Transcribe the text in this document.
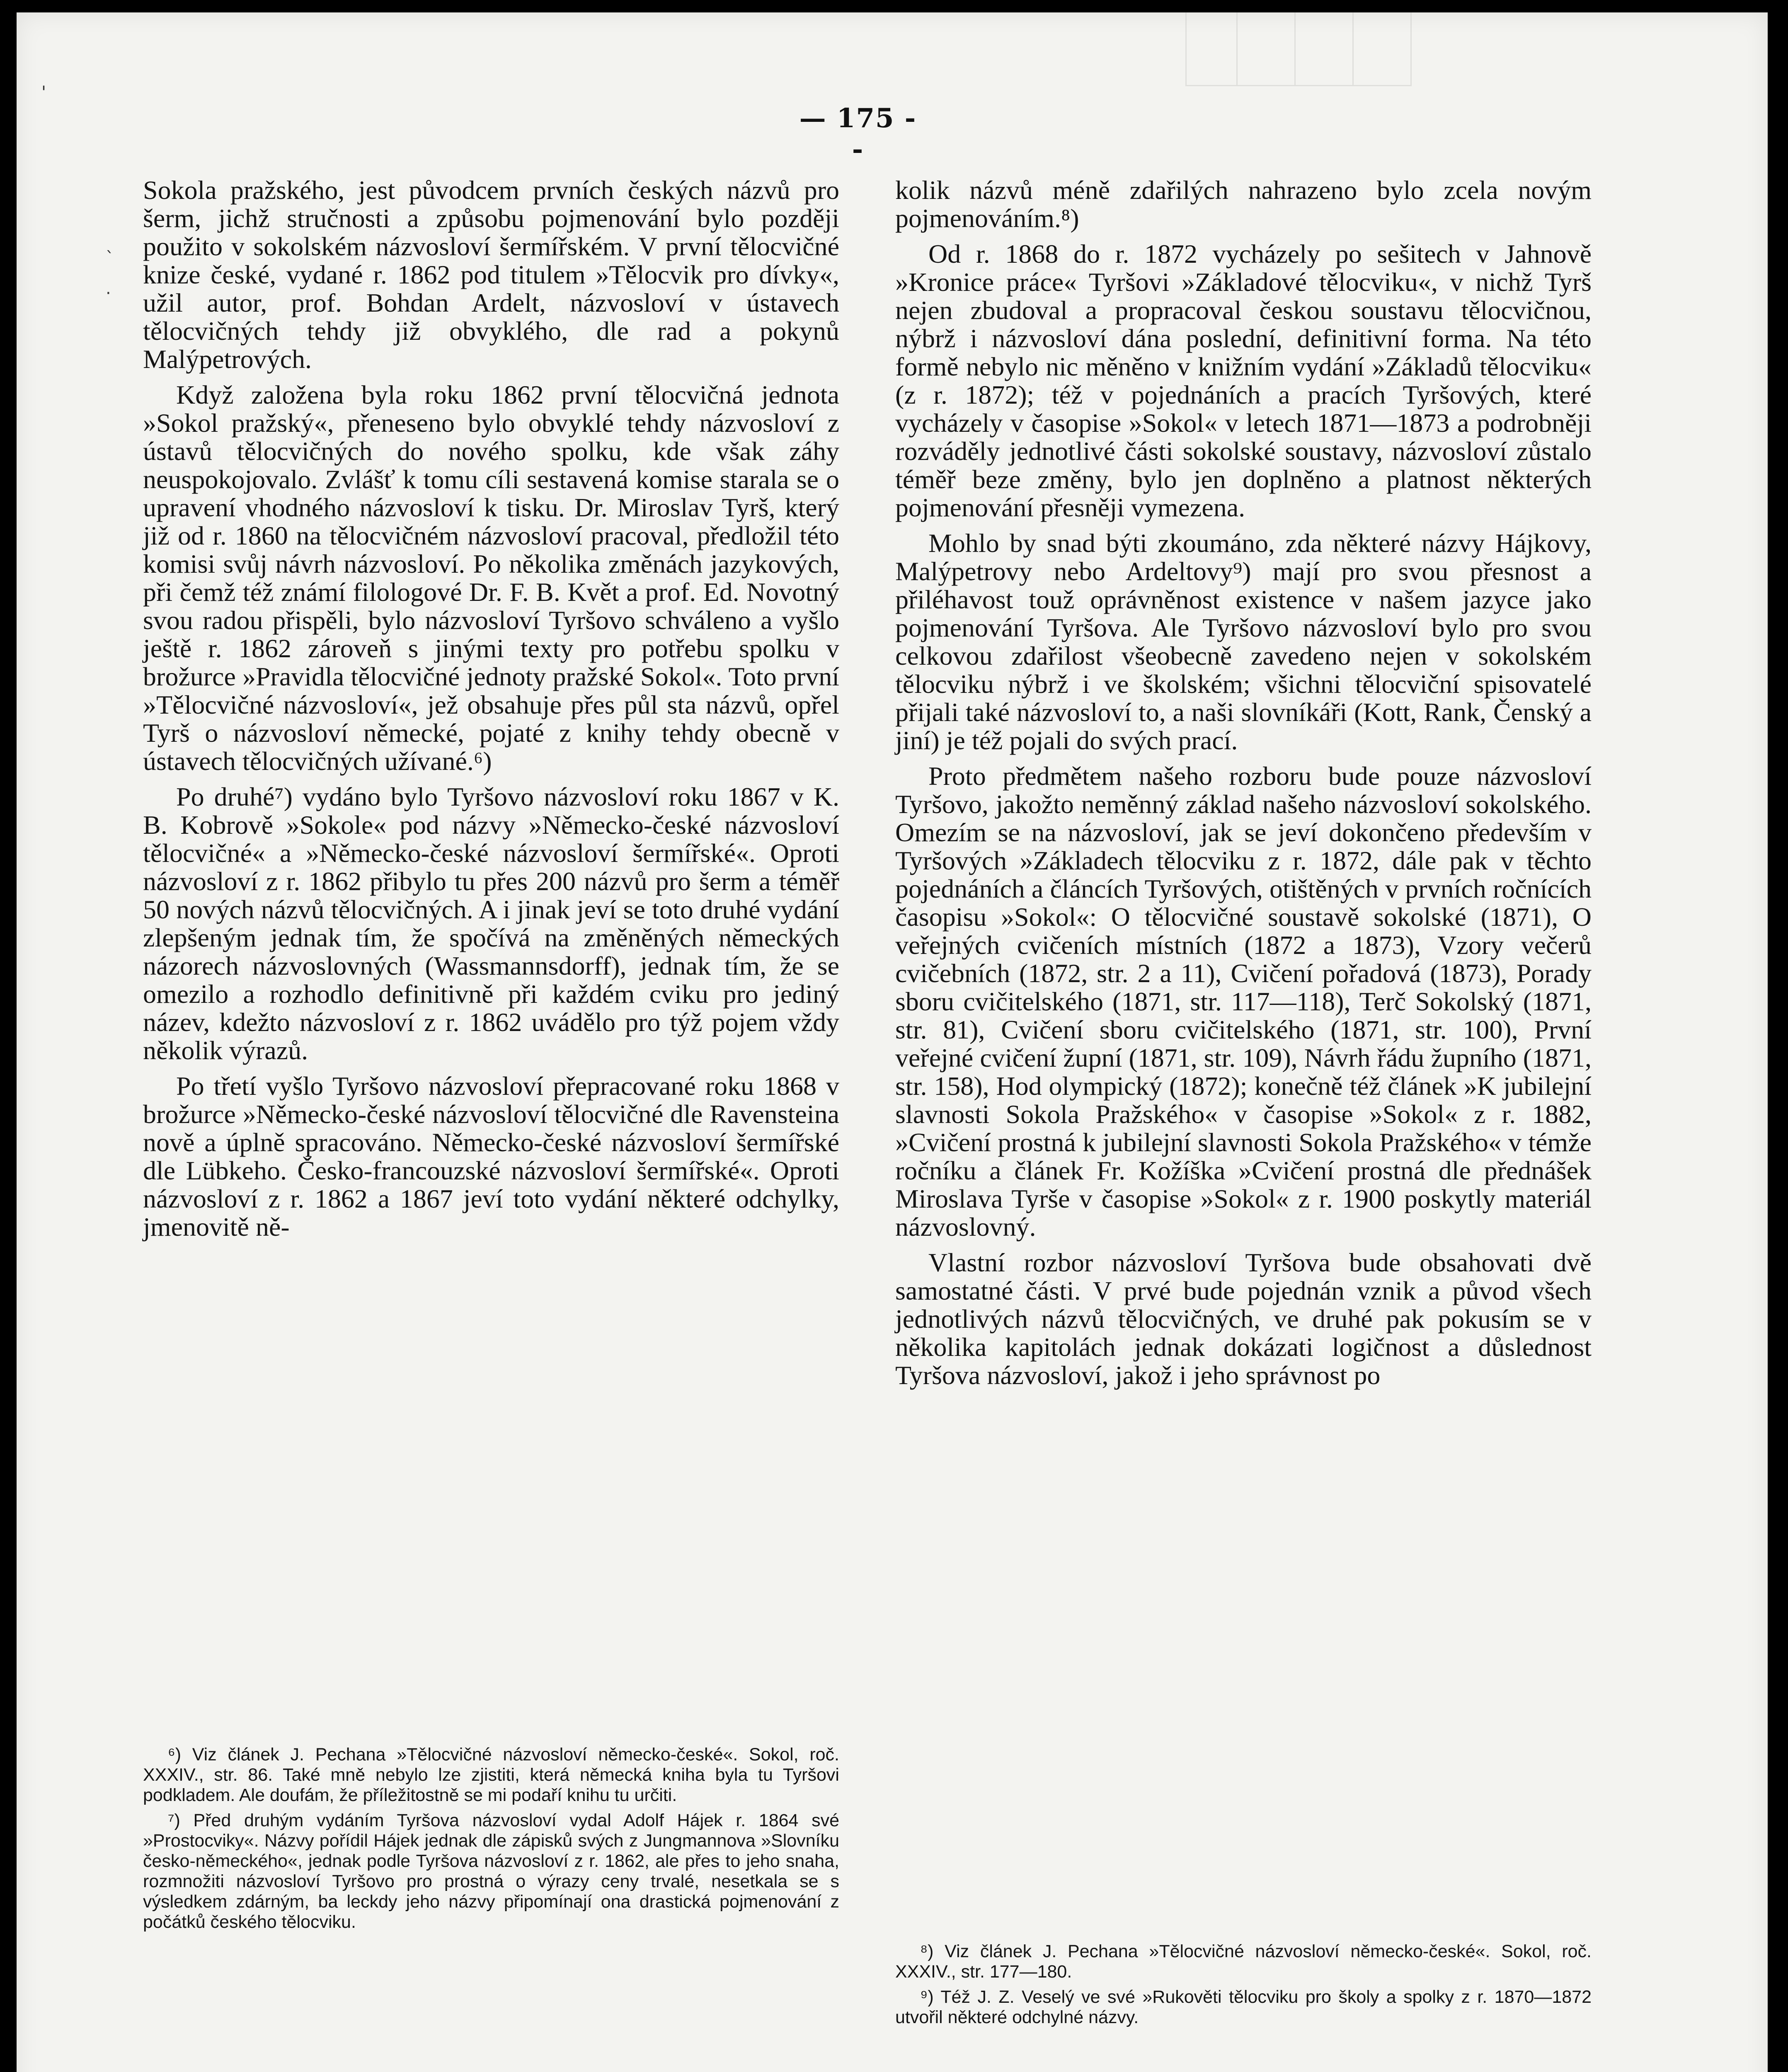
'
`
·
— 175 - -

Sokola pražského, jest původcem prvních českých názvů pro šerm, jichž stručnosti a způsobu pojmenování bylo později použito v sokolském názvosloví šermířském. V první tělocvičné knize české, vydané r. 1862 pod titulem »Tělocvik pro dívky«, užil autor, prof. Bohdan Ardelt, názvosloví v ústavech tělocvičných tehdy již obvyklého, dle rad a pokynů Malýpetrových.

Když založena byla roku 1862 první tělocvičná jednota »Sokol pražský«, přeneseno bylo obvyklé tehdy názvosloví z ústavů tělocvičných do nového spolku, kde však záhy neuspokojovalo. Zvlášť k tomu cíli sestavená komise starala se o upravení vhodného názvosloví k tisku. Dr. Miroslav Tyrš, který již od r. 1860 na tělocvičném názvosloví pracoval, předložil této komisi svůj návrh názvosloví. Po několika změnách jazykových, při čemž též známí filologové Dr. F. B. Květ a prof. Ed. Novotný svou radou přispěli, bylo názvosloví Tyršovo schváleno a vyšlo ještě r. 1862 zároveň s jinými texty pro potřebu spolku v brožurce »Pravidla tělocvičné jednoty pražské Sokol«. Toto první »Tělocvičné názvosloví«, jež obsahuje přes půl sta názvů, opřel Tyrš o názvosloví německé, pojaté z knihy tehdy obecně v ústavech tělocvičných užívané.⁶)

Po druhé⁷) vydáno bylo Tyršovo názvosloví roku 1867 v K. B. Kobrově »Sokole« pod názvy »Německo-české názvosloví tělocvičné« a »Německo-české názvosloví šermířské«. Oproti názvosloví z r. 1862 přibylo tu přes 200 názvů pro šerm a téměř 50 nových názvů tělocvičných. A i jinak jeví se toto druhé vydání zlepšeným jednak tím, že spočívá na změněných německých názorech názvoslovných (Wassmannsdorff), jednak tím, že se omezilo a rozhodlo definitivně při každém cviku pro jediný název, kdežto názvosloví z r. 1862 uvádělo pro týž pojem vždy několik výrazů.

Po třetí vyšlo Tyršovo názvosloví přepracované roku 1868 v brožurce »Německo-české názvosloví tělocvičné dle Ravensteina nově a úplně spracováno. Německo-české názvosloví šermířské dle Lübkeho. Česko-francouzské názvosloví šermířské«. Oproti názvosloví z r. 1862 a 1867 jeví toto vydání některé odchylky, jmenovitě ně-

⁶) Viz článek J. Pechana »Tělocvičné názvosloví německo-české«. Sokol, roč. XXXIV., str. 86. Také mně nebylo lze zjistiti, která německá kniha byla tu Tyršovi podkladem. Ale doufám, že příležitostně se mi podaří knihu tu určiti.

⁷) Před druhým vydáním Tyršova názvosloví vydal Adolf Hájek r. 1864 své »Prostocviky«. Názvy pořídil Hájek jednak dle zápisků svých z Jungmannova »Slovníku česko-německého«, jednak podle Tyršova názvosloví z r. 1862, ale přes to jeho snaha, rozmnožiti názvosloví Tyršovo pro prostná o výrazy ceny trvalé, nesetkala se s výsledkem zdárným, ba leckdy jeho názvy připomínají ona drastická pojmenování z počátků českého tělocviku.

kolik názvů méně zdařilých nahrazeno bylo zcela novým pojmenováním.⁸)

Od r. 1868 do r. 1872 vycházely po sešitech v Jahnově »Kronice práce« Tyršovi »Základové tělocviku«, v nichž Tyrš nejen zbudoval a propracoval českou soustavu tělocvičnou, nýbrž i názvosloví dána poslední, definitivní forma. Na této formě nebylo nic měněno v knižním vydání »Základů tělocviku« (z r. 1872); též v pojednáních a pracích Tyršových, které vycházely v časopise »Sokol« v letech 1871—1873 a podrobněji rozváděly jednotlivé části sokolské soustavy, názvosloví zůstalo téměř beze změny, bylo jen doplněno a platnost některých pojmenování přesněji vymezena.

Mohlo by snad býti zkoumáno, zda některé názvy Hájkovy, Malýpetrovy nebo Ardeltovy⁹) mají pro svou přesnost a přiléhavost touž oprávněnost existence v našem jazyce jako pojmenování Tyršova. Ale Tyršovo názvosloví bylo pro svou celkovou zdařilost všeobecně zavedeno nejen v sokolském tělocviku nýbrž i ve školském; všichni tělocviční spisovatelé přijali také názvosloví to, a naši slovníkáři (Kott, Rank, Čenský a jiní) je též pojali do svých prací.

Proto předmětem našeho rozboru bude pouze názvosloví Tyršovo, jakožto neměnný základ našeho názvosloví sokolského. Omezím se na názvosloví, jak se jeví dokončeno především v Tyršových »Základech tělocviku z r. 1872, dále pak v těchto pojednáních a článcích Tyršových, otištěných v prvních ročnících časopisu »Sokol«: O tělocvičné soustavě sokolské (1871), O veřejných cvičeních místních (1872 a 1873), Vzory večerů cvičebních (1872, str. 2 a 11), Cvičení pořadová (1873), Porady sboru cvičitelského (1871, str. 117—118), Terč Sokolský (1871, str. 81), Cvičení sboru cvičitelského (1871, str. 100), První veřejné cvičení župní (1871, str. 109), Návrh řádu župního (1871, str. 158), Hod olympický (1872); konečně též článek »K jubilejní slavnosti Sokola Pražského« v časopise »Sokol« z r. 1882, »Cvičení prostná k jubilejní slavnosti Sokola Pražského« v témže ročníku a článek Fr. Kožíška »Cvičení prostná dle přednášek Miroslava Tyrše v časopise »Sokol« z r. 1900 poskytly materiál názvoslovný.

Vlastní rozbor názvosloví Tyršova bude obsahovati dvě samostatné části. V prvé bude pojednán vznik a původ všech jednotlivých názvů tělocvičných, ve druhé pak pokusím se v několika kapitolách jednak dokázati logičnost a důslednost Tyršova názvosloví, jakož i jeho správnost po

⁸) Viz článek J. Pechana »Tělocvičné názvosloví německo-české«. Sokol, roč. XXXIV., str. 177—180.

⁹) Též J. Z. Veselý ve své »Rukověti tělocviku pro školy a spolky z r. 1870—1872 utvořil některé odchylné názvy.
